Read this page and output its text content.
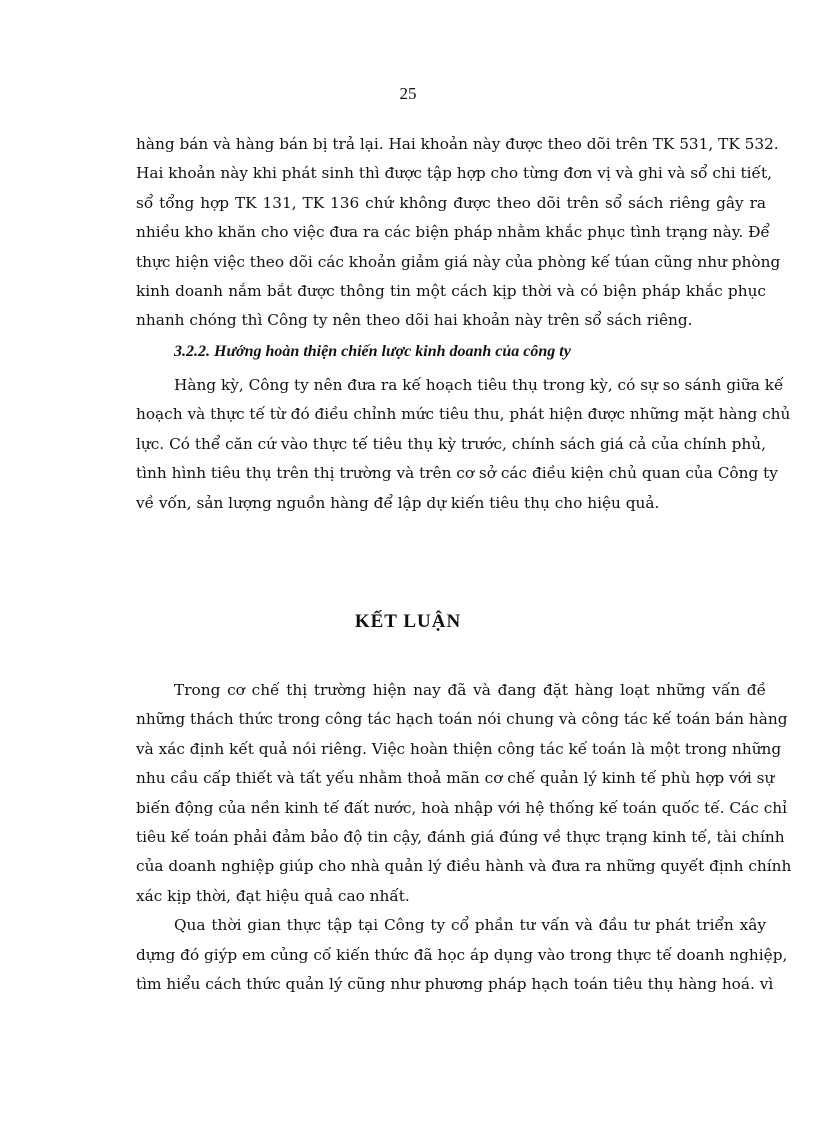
25
hàng bán và hàng bán bị trả lại. Hai khoản này được theo dõi trên TK 531, TK 532.
Hai khoản này khi phát sinh thì được tập hợp cho từng đơn vị và ghi và sổ chi tiết,
sổ tổng hợp TK 131, TK 136 chứ không được theo dõi trên sổ sách riêng gây ra
nhiều kho khăn cho việc đưa ra các biện pháp nhằm khắc phục tình trạng này. Để
thực hiện việc theo dõi các khoản giảm giá này của phòng kế túan cũng như phòng
kinh doanh nắm bắt được thông tin một cách kịp thời và có biện pháp khắc phục
nhanh chóng thì Công ty nên theo dõi hai khoản này trên sổ sách riêng.
3.2.2. Hướng hoàn thiện chiến lược kinh doanh của công ty
Hàng kỳ, Công ty nên đưa ra kế hoạch tiêu thụ trong kỳ, có sự so sánh giữa kế
hoạch và thực tế từ đó điều chỉnh mức tiêu thu, phát hiện được những mặt hàng chủ
lực. Có thể căn cứ vào thực tế tiêu thụ kỳ trước, chính sách giá cả của chính phủ,
tình hình tiêu thụ trên thị trường và trên cơ sở các điều kiện chủ quan của Công ty
về vốn, sản lượng nguồn hàng để lập dự kiến tiêu thụ cho hiệu quả.
KẾT LUẬN
Trong cơ chế thị trường hiện nay đã và đang đặt hàng loạt những vấn đề
những thách thức trong công tác hạch toán nói chung và công tác kế toán bán hàng
và xác định kết quả nói riêng. Việc hoàn thiện công tác kế toán là một trong những
nhu cầu cấp thiết và tất yếu nhằm thoả mãn cơ chế quản lý kinh tế phù hợp với sự
biến động của nền kinh tế đất nước, hoà nhập với hệ thống kế toán quốc tế. Các chỉ
tiêu kế toán phải đảm bảo độ tin cậy, đánh giá đúng về thực trạng kinh tế, tài chính
của doanh nghiệp giúp cho nhà quản lý điều hành và đưa ra những quyết định chính
xác kịp thời, đạt hiệu quả cao nhất.
Qua thời gian thực tập tại Công ty cổ phần tư vấn và đầu tư phát triển xây
dựng đó giýp em củng cố kiến thức đã học áp dụng vào trong thực tế doanh nghiệp,
tìm hiểu cách thức quản lý cũng như phương pháp hạch toán tiêu thụ hàng hoá. vì
